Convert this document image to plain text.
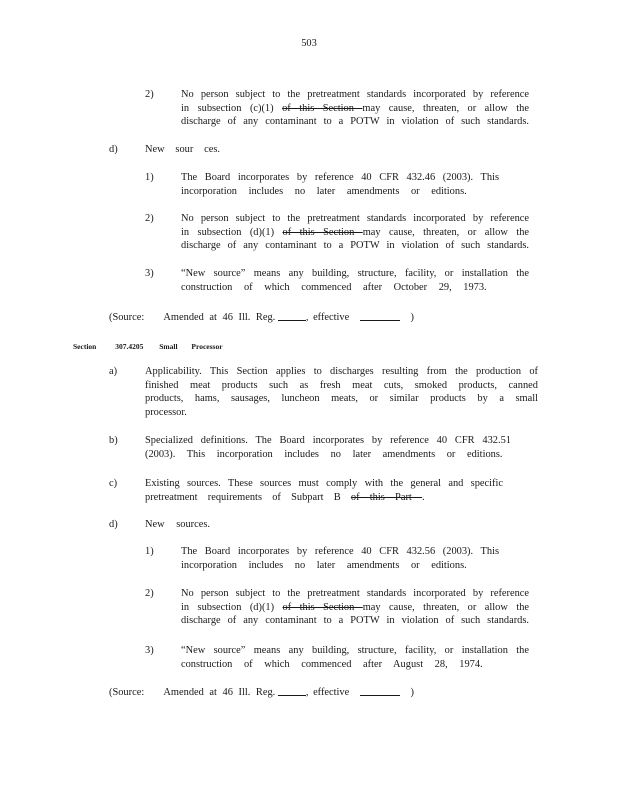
503
2)	No person subject to the pretreatment standards incorporated by reference
in subsection (c)(1) of this Section may cause, threaten, or allow the
discharge of any contaminant to a POTW in violation of such standards.
d)	New sour ces.
1)	The Board incorporates by reference 40 CFR 432.46 (2003). This
incorporation includes no later amendments or editions.
2)	No person subject to the pretreatment standards incorporated by reference
in subsection (d)(1) of this Section may cause, threaten, or allow the
discharge of any contaminant to a POTW in violation of such standards.
3)	“New source” means any building, structure, facility, or installation the
construction of which commenced after October 29, 1973.
(Source: Amended at 46 Ill. Reg.	, effective	)
Section	307.4205 Small Processor
a)	Applicability. This Section applies to discharges resulting from the production of
finished meat products such as fresh meat cuts, smoked products, canned
products, hams, sausages, luncheon meats, or similar products by a small
processor.
b)	Specialized definitions. The Board incorporates by reference 40 CFR 432.51
(2003). This incorporation includes no later amendments or editions.
c)	Existing sources. These sources must comply with the general and specific
pretreatment requirements of Subpart B of this Part .
d)	New sources.
1)	The Board incorporates by reference 40 CFR 432.56 (2003). This
incorporation includes no later amendments or editions.
2)	No person subject to the pretreatment standards incorporated by reference
in subsection (d)(1) of this Section may cause, threaten, or allow the
discharge of any contaminant to a POTW in violation of such standards.
3)	“New source” means any building, structure, facility, or installation the
construction of which commenced after August 28, 1974.
(Source: Amended at 46 Ill. Reg.	, effective	)
